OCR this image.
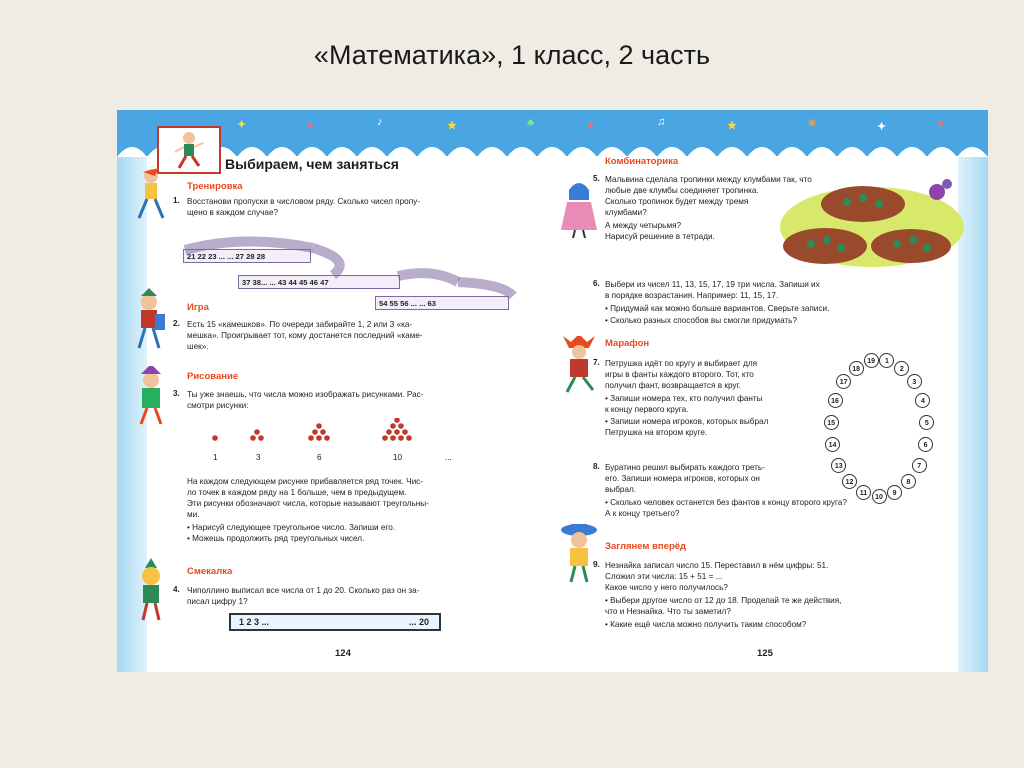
«Математика», 1 класс, 2 часть
✦	♥	♪	★	♣	♥	♫	★	☀	✦	♥
Выбираем, чем заняться
Тренировка
1. Восстанови пропуски в числовом ряду. Сколько чисел пропу-
щено в каждом случае?
21 22 23 ... ... 27 28 28
37 38... ... 43 44 45 46 47
54 55 56 ... ... 63
Игра
2. Есть 15 «камешков». По очереди забирайте 1, 2 или 3 «ка-
мешка». Проигрывает тот, кому достанется последний «камe-
шек».
Рисование
3. Ты уже знаешь, что числа можно изображать рисунками. Рас-
смотри рисунки:
1	3	6	10	...
На каждом следующем рисунке прибавляется ряд точек. Чис-
ло точек в каждом ряду на 1 больше, чем в предыдущем.
Эти рисунки обозначают числа, которые называют треугольны-
ми.
• Нарисуй следующее треугольное число. Запиши его.
• Можешь продолжить ряд треугольных чисел.
Смекалка
4. Чиполлино выписал все числа от 1 до 20. Сколько раз он за-
писал цифру 1?
1 2 3 ...	... 20
124
Комбинаторика
5. Мальвина сделала тропинки между клумбами так, что
любые две клумбы соединяет тропинка.
Сколько тропинок будет между тремя
клумбами?
А между четырьмя?
Нарисуй решение в тетради.
6. Выбери из чисел 11, 13, 15, 17, 19 три числа. Запиши их
в порядке возрастания. Например: 11, 15, 17.
• Придумай как можно больше вариантов. Сверьте записи.
• Сколько разных способов вы смогли придумать?
Марафон
7. Петрушка идёт по кругу и выбирает для
игры в фанты каждого второго. Тот, кто
получил фант, возвращается в круг.
• Запиши номера тех, кто получил фанты
к концу первого круга.
• Запиши номера игроков, которых выбрал
Петрушка на втором круге.
8. Буратино решил выбирать каждого треть-
его. Запиши номера игроков, которых он
выбрал.
• Сколько человек останется без фантов к концу второго круга?
А к концу третьего?
Заглянем вперёд
9. Незнайка записал число 15. Переставил в нём цифры: 51.
Сложил эти числа: 15 + 51 = ...
Какое число у него получилось?
• Выбери другое число от 12 до 18. Проделай те же действия,
что и Незнайка. Что ты заметил?
• Какие ещё числа можно получить таким способом?
125
1
2
3
4
5
6
7
8
9
10
11
12
13
14
15
16
17
18
19
